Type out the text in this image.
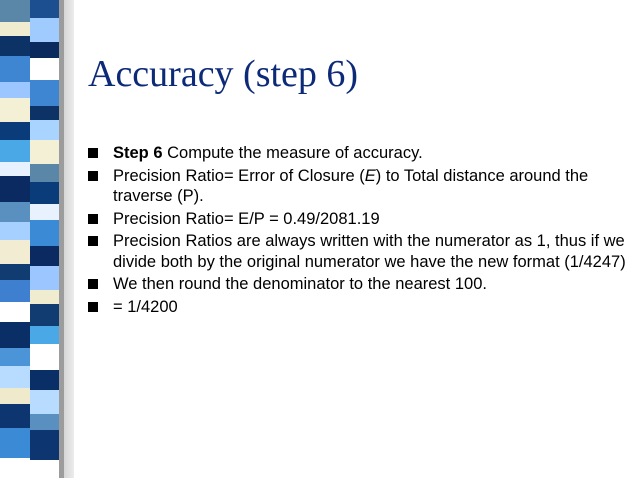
Accuracy (step 6)
Step 6 Compute the measure of accuracy.
Precision Ratio= Error of Closure (E) to Total distance around the traverse (P).
Precision Ratio= E/P = 0.49/2081.19
Precision Ratios are always written with the numerator as 1, thus if we divide both by the original numerator we have the new format (1/4247)
We then round the denominator to the nearest 100.
= 1/4200
